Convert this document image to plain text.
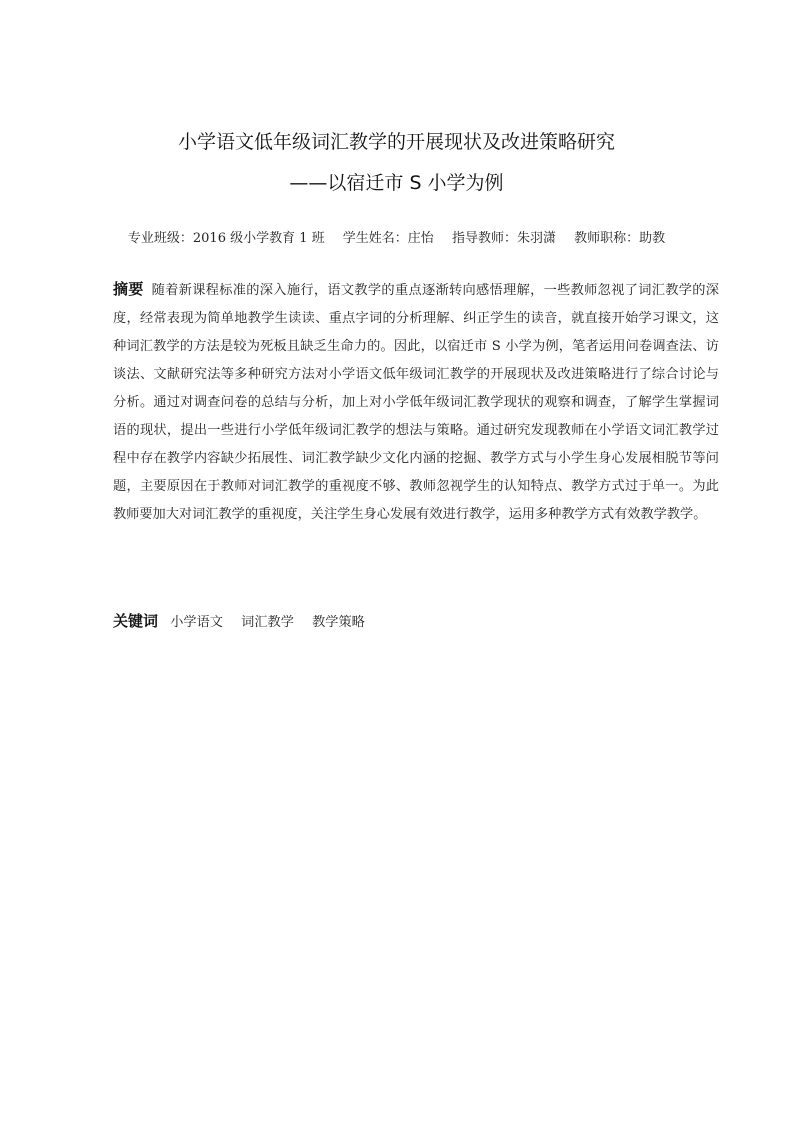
小学语文低年级词汇教学的开展现状及改进策略研究
——以宿迁市 S 小学为例
专业班级：2016 级小学教育 1 班 学生姓名：庄怡 指导教师：朱羽潇 教师职称：助教
摘要 随着新课程标准的深入施行，语文教学的重点逐渐转向感悟理解，一些教师忽视了词汇教学的深度，经常表现为简单地教学生读读、重点字词的分析理解、纠正学生的读音，就直接开始学习课文，这种词汇教学的方法是较为死板且缺乏生命力的。因此，以宿迁市 S 小学为例，笔者运用问卷调查法、访谈法、文献研究法等多种研究方法对小学语文低年级词汇教学的开展现状及改进策略进行了综合讨论与分析。通过对调查问卷的总结与分析，加上对小学低年级词汇教学现状的观察和调查，了解学生掌握词语的现状，提出一些进行小学低年级词汇教学的想法与策略。通过研究发现教师在小学语文词汇教学过程中存在教学内容缺少拓展性、词汇教学缺少文化内涵的挖掘、教学方式与小学生身心发展相脱节等问题，主要原因在于教师对词汇教学的重视度不够、教师忽视学生的认知特点、教学方式过于单一。为此教师要加大对词汇教学的重视度，关注学生身心发展有效进行教学，运用多种教学方式有效教学教学。
关键词 小学语文 词汇教学 教学策略
